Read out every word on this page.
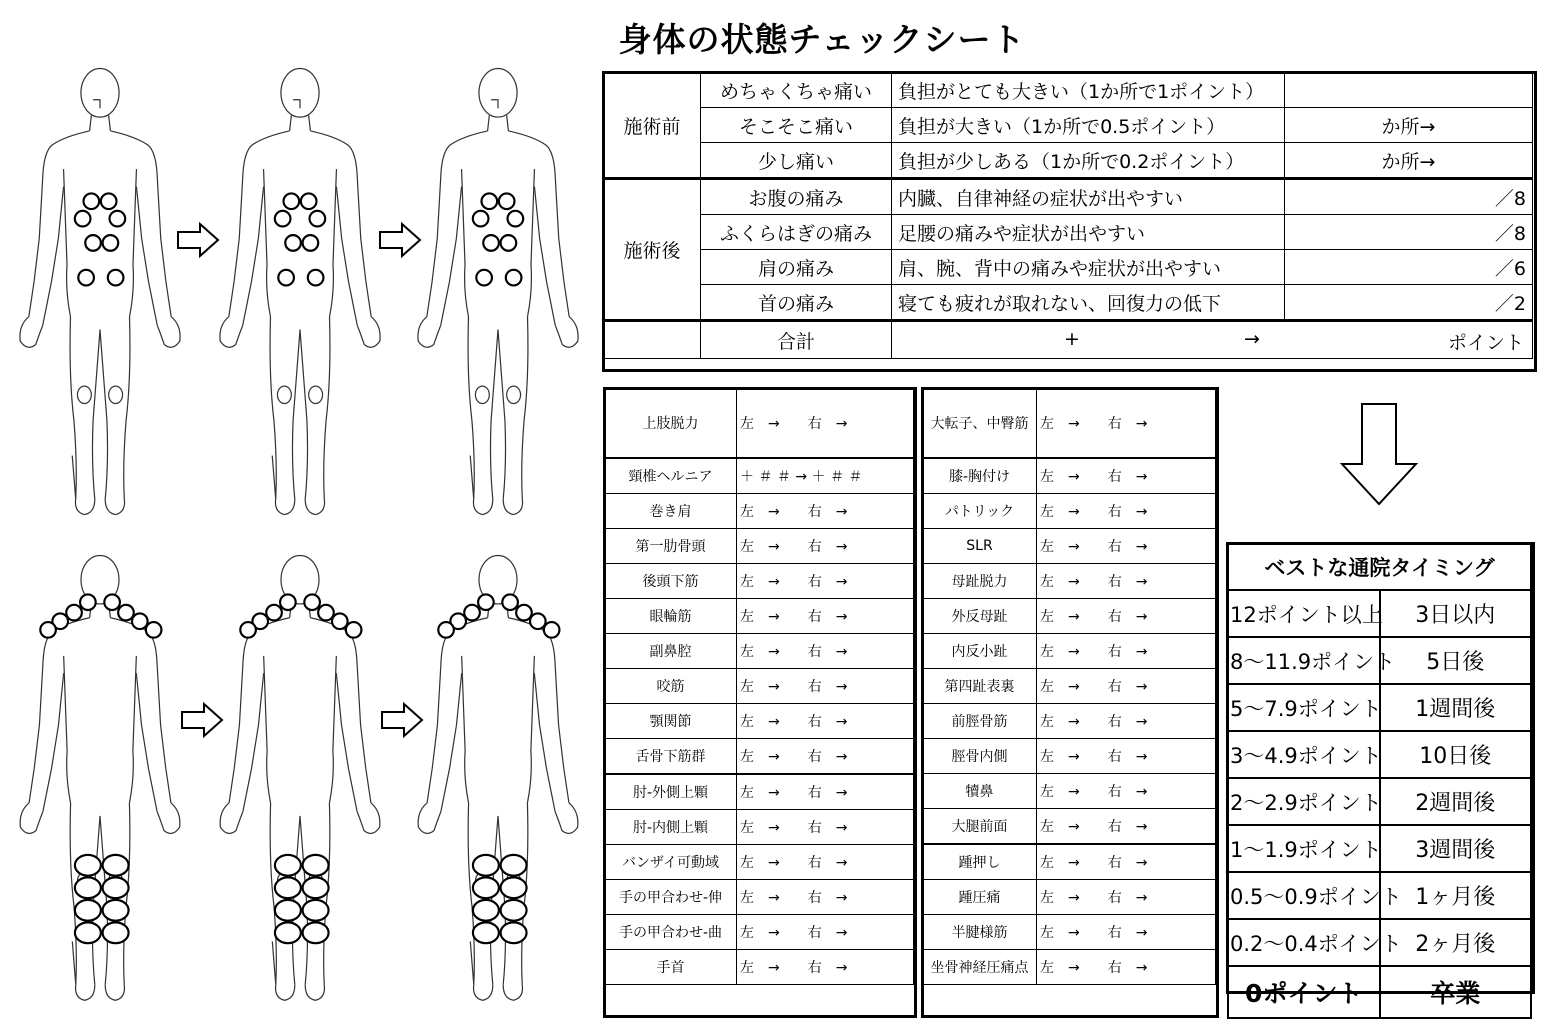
身体の状態チェックシート
施術前	めちゃくちゃ痛い	負担がとても大きい（1か所で1ポイント）	
	そこそこ痛い	負担が大きい（1か所で0.5ポイント）	か所→
	少し痛い	負担が少しある（1か所で0.2ポイント）	か所→
施術後	お腹の痛み	内臓、自律神経の症状が出やすい	／8
	ふくらはぎの痛み	足腰の痛みや症状が出やすい	／8
	肩の痛み	肩、腕、背中の痛みや症状が出やすい	／6
	首の痛み	寝ても疲れが取れない、回復力の低下	／2
	合計	+ → ポイント	
上肢脱力	左　→　　右　→
頸椎ヘルニア	＋ ＃ ＃ → ＋ ＃ ＃
巻き肩	左　→　　右　→
第一肋骨頭	左　→　　右　→
後頭下筋	左　→　　右　→
眼輪筋	左　→　　右　→
副鼻腔	左　→　　右　→
咬筋	左　→　　右　→
顎関節	左　→　　右　→
舌骨下筋群	左　→　　右　→
肘-外側上顆	左　→　　右　→
肘-内側上顆	左　→　　右　→
バンザイ可動域	左　→　　右　→
手の甲合わせ-伸	左　→　　右　→
手の甲合わせ-曲	左　→　　右　→
手首	左　→　　右　→
大転子、中臀筋	左　→　　右　→
膝-胸付け	左　→　　右　→
パトリック	左　→　　右　→
SLR	左　→　　右　→
母趾脱力	左　→　　右　→
外反母趾	左　→　　右　→
内反小趾	左　→　　右　→
第四趾表裏	左　→　　右　→
前脛骨筋	左　→　　右　→
脛骨内側	左　→　　右　→
犢鼻	左　→　　右　→
大腿前面	左　→　　右　→
踵押し	左　→　　右　→
踵圧痛	左　→　　右　→
半腱様筋	左　→　　右　→
坐骨神経圧痛点	左　→　　右　→
ベストな通院タイミング	
12ポイント以上	3日以内
8〜11.9ポイント	5日後
5〜7.9ポイント	1週間後
3〜4.9ポイント	10日後
2〜2.9ポイント	2週間後
1〜1.9ポイント	3週間後
0.5〜0.9ポイント	1ヶ月後
0.2〜0.4ポイント	2ヶ月後
0ポイント	卒業
